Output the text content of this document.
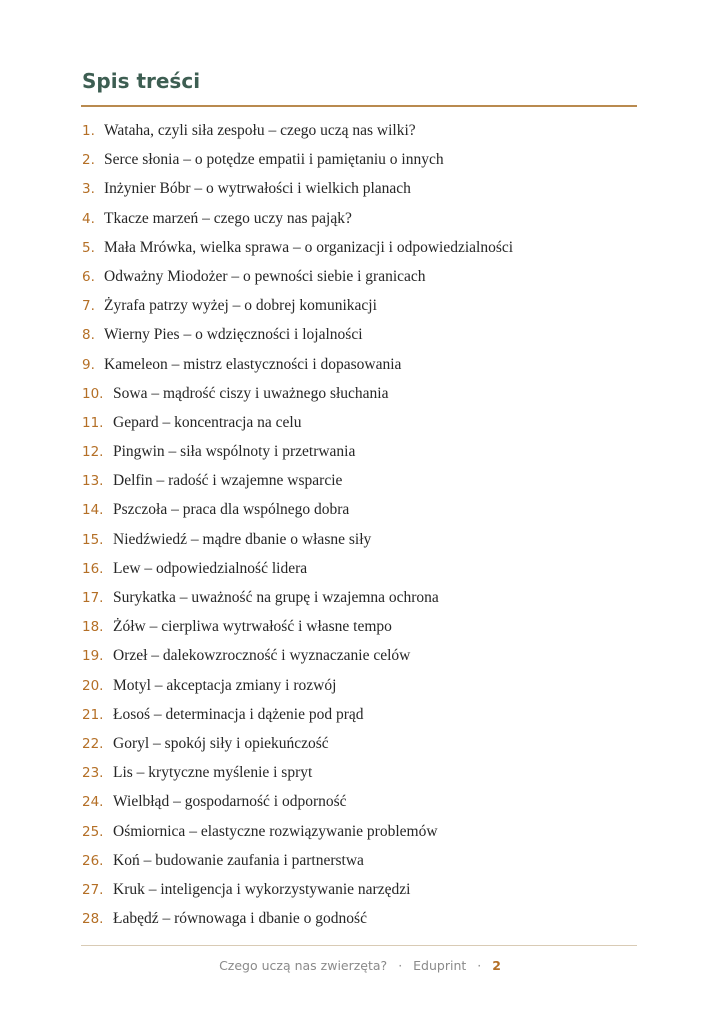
Spis treści
1. Wataha, czyli siła zespołu – czego uczą nas wilki?
2. Serce słonia – o potędze empatii i pamiętaniu o innych
3. Inżynier Bóbr – o wytrwałości i wielkich planach
4. Tkacze marzeń – czego uczy nas pająk?
5. Mała Mrówka, wielka sprawa – o organizacji i odpowiedzialności
6. Odważny Miodożer – o pewności siebie i granicach
7. Żyrafa patrzy wyżej – o dobrej komunikacji
8. Wierny Pies – o wdzięczności i lojalności
9. Kameleon – mistrz elastyczności i dopasowania
10. Sowa – mądrość ciszy i uważnego słuchania
11. Gepard – koncentracja na celu
12. Pingwin – siła wspólnoty i przetrwania
13. Delfin – radość i wzajemne wsparcie
14. Pszczoła – praca dla wspólnego dobra
15. Niedźwiedź – mądre dbanie o własne siły
16. Lew – odpowiedzialność lidera
17. Surykatka – uważność na grupę i wzajemna ochrona
18. Żółw – cierpliwa wytrwałość i własne tempo
19. Orzeł – dalekowzroczność i wyznaczanie celów
20. Motyl – akceptacja zmiany i rozwój
21. Łosoś – determinacja i dążenie pod prąd
22. Goryl – spokój siły i opiekuńczość
23. Lis – krytyczne myślenie i spryt
24. Wielbłąd – gospodarność i odporność
25. Ośmiornica – elastyczne rozwiązywanie problemów
26. Koń – budowanie zaufania i partnerstwa
27. Kruk – inteligencja i wykorzystywanie narzędzi
28. Łabędź – równowaga i dbanie o godność
Czego uczą nas zwierzęta? · Eduprint · 2
